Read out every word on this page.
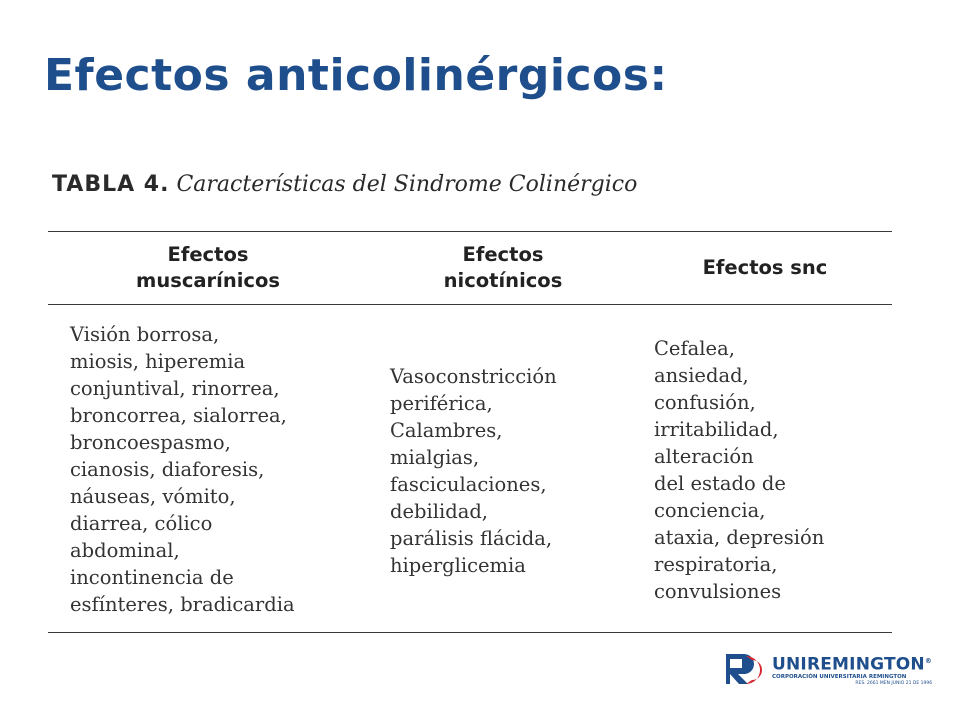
Efectos anticolinérgicos:
TABLA 4. Características del Sindrome Colinérgico
Efectos
muscarínicos
Efectos
nicotínicos
Efectos snc
Visión borrosa,
miosis, hiperemia
conjuntival, rinorrea,
broncorrea, sialorrea,
broncoespasmo,
cianosis, diaforesis,
náuseas, vómito,
diarrea, cólico
abdominal,
incontinencia de
esfínteres, bradicardia
Vasoconstricción
periférica,
Calambres,
mialgias,
fasciculaciones,
debilidad,
parálisis flácida,
hiperglicemia
Cefalea,
ansiedad,
confusión,
irritabilidad,
alteración
del estado de
conciencia,
ataxia, depresión
respiratoria,
convulsiones
UNIREMINGTON®
CORPORACIÓN UNIVERSITARIA REMINGTON
RES. 2661 MEN JUNIO 21 DE 1996
